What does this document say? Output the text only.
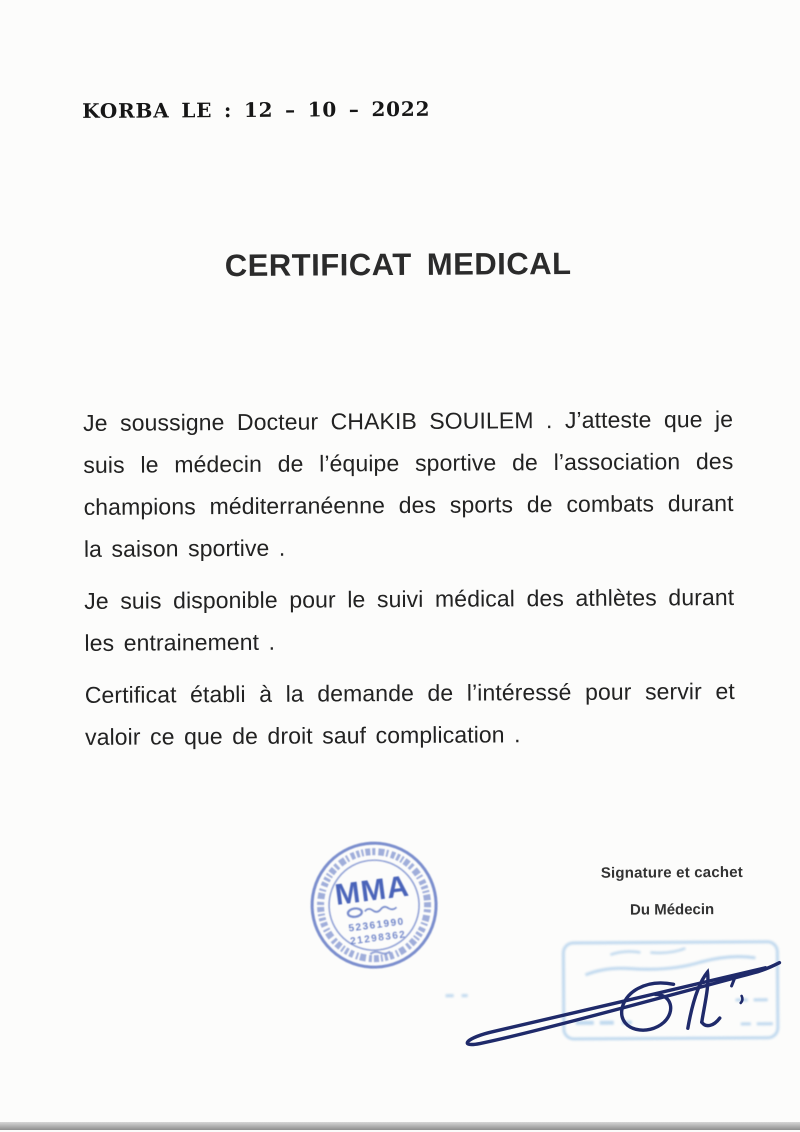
KORBA LE : 12 – 10 – 2022
CERTIFICAT MEDICAL

Je soussigne Docteur CHAKIB SOUILEM . J’atteste que je suis le médecin de l’équipe sportive de l’association des champions méditerranéenne des sports de combats durant la saison sportive .

Je suis disponible pour le suivi médical des athlètes durant les entrainement .

Certificat établi à la demande de l’intéressé pour servir et valoir ce que de droit sauf complication .

MMA
52361990
21298362
Signature et cachet
Du Médecin
